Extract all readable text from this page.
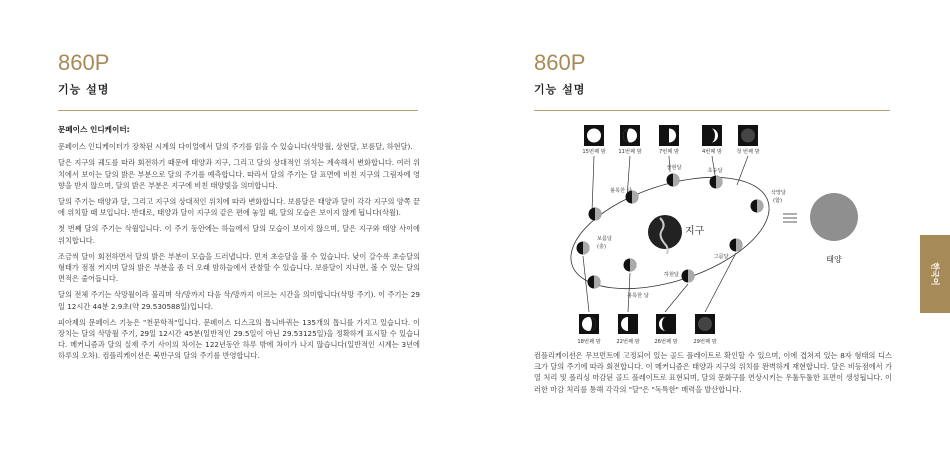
860P
기능 설명
문페이스 인디케이터:

문페이스 인디케이터가 장착된 시계의 다이얼에서 달의 주기를 읽을 수 있습니다(삭망월, 상현달, 보름달, 하현달).

달은 지구의 궤도를 따라 회전하기 때문에 태양과 지구, 그리고 달의 상대적인 위치는 계속해서 변화합니다. 여러 위치에서 보이는 달의 밝은 부분으로 달의 주기를 예측합니다. 따라서 달의 주기는 달 표면에 비친 지구의 그림자에 영향을 받지 않으며, 달의 밝은 부분은 지구에 비친 태양빛을 의미합니다.

달의 주기는 태양과 달, 그리고 지구의 상대적인 위치에 따라 변화합니다. 보름달은 태양과 달이 각각 지구의 양쪽 끝에 위치할 때 보입니다. 반대로, 태양과 달이 지구의 같은 편에 놓일 때, 달의 모습은 보이지 않게 됩니다(삭월).

첫 번째 달의 주기는 삭월입니다. 이 주기 동안에는 하늘에서 달의 모습이 보이지 않으며, 달은 지구와 태양 사이에 위치합니다.

조금씩 달이 회전하면서 달의 밝은 부분이 모습을 드러냅니다. 먼저 초승달을 볼 수 있습니다. 낮이 갈수록 초승달의 형태가 점점 커지며 달의 밝은 부분을 좀 더 오래 밤하늘에서 관찰할 수 있습니다. 보름달이 지나면, 볼 수 있는 달의 면적은 줄어듭니다.

달의 전체 주기는 삭망월이라 불리며 삭/망까지 다음 삭/망까지 이르는 시간을 의미합니다(삭망 주기). 이 주기는 29일 12시간 44분 2.9초(약 29.530588일)입니다.

피아제의 문페이스 기능은 "천문학적"입니다. 문페이스 디스크의 톱니바퀴는 135개의 톱니를 가지고 있습니다. 이 장치는 달의 삭망월 주기, 29일 12시간 45분(일반적인 29.5일이 아닌 29.53125일)을 정확하게 표시할 수 있습니다. 메커니즘과 달의 실제 주기 사이의 차이는 122년동안 하루 밖에 차이가 나지 않습니다(일반적인 시계는 3년에 하루의 오차). 컴플리케이션은 북반구의 달의 주기를 반영합니다.

860P
기능 설명
15번째 밤 11번째 밤	7번째 밤	4번째 밤	첫 번째 밤
지구
상현달	초승달
볼록한 달
보름달
(충)
볼록한 달
하현달
그믐달
삭망달
(합)
태양
18번째 밤	22번째 밤	26번째 밤	29번째 밤
컴플리케이션은 무브먼트에 고정되어 있는 골드 플레이트로 확인할 수 있으며, 이에 겹쳐져 있는 8자 형태의 디스크가 달의 주기에 따라 회전합니다. 이 메커니즘은 태양과 지구의 위치를 완벽하게 재현합니다. 달은 비등점에서 가열 처리 및 폴리싱 마감된 골드 플레이트로 표현되며, 달의 문화구를 연상시키는 우툴두툴한 표면이 생성됩니다. 이러한 마감 처리를 통해 각각의 "달"은 "독특한" 매력을 발산합니다.
한국어
